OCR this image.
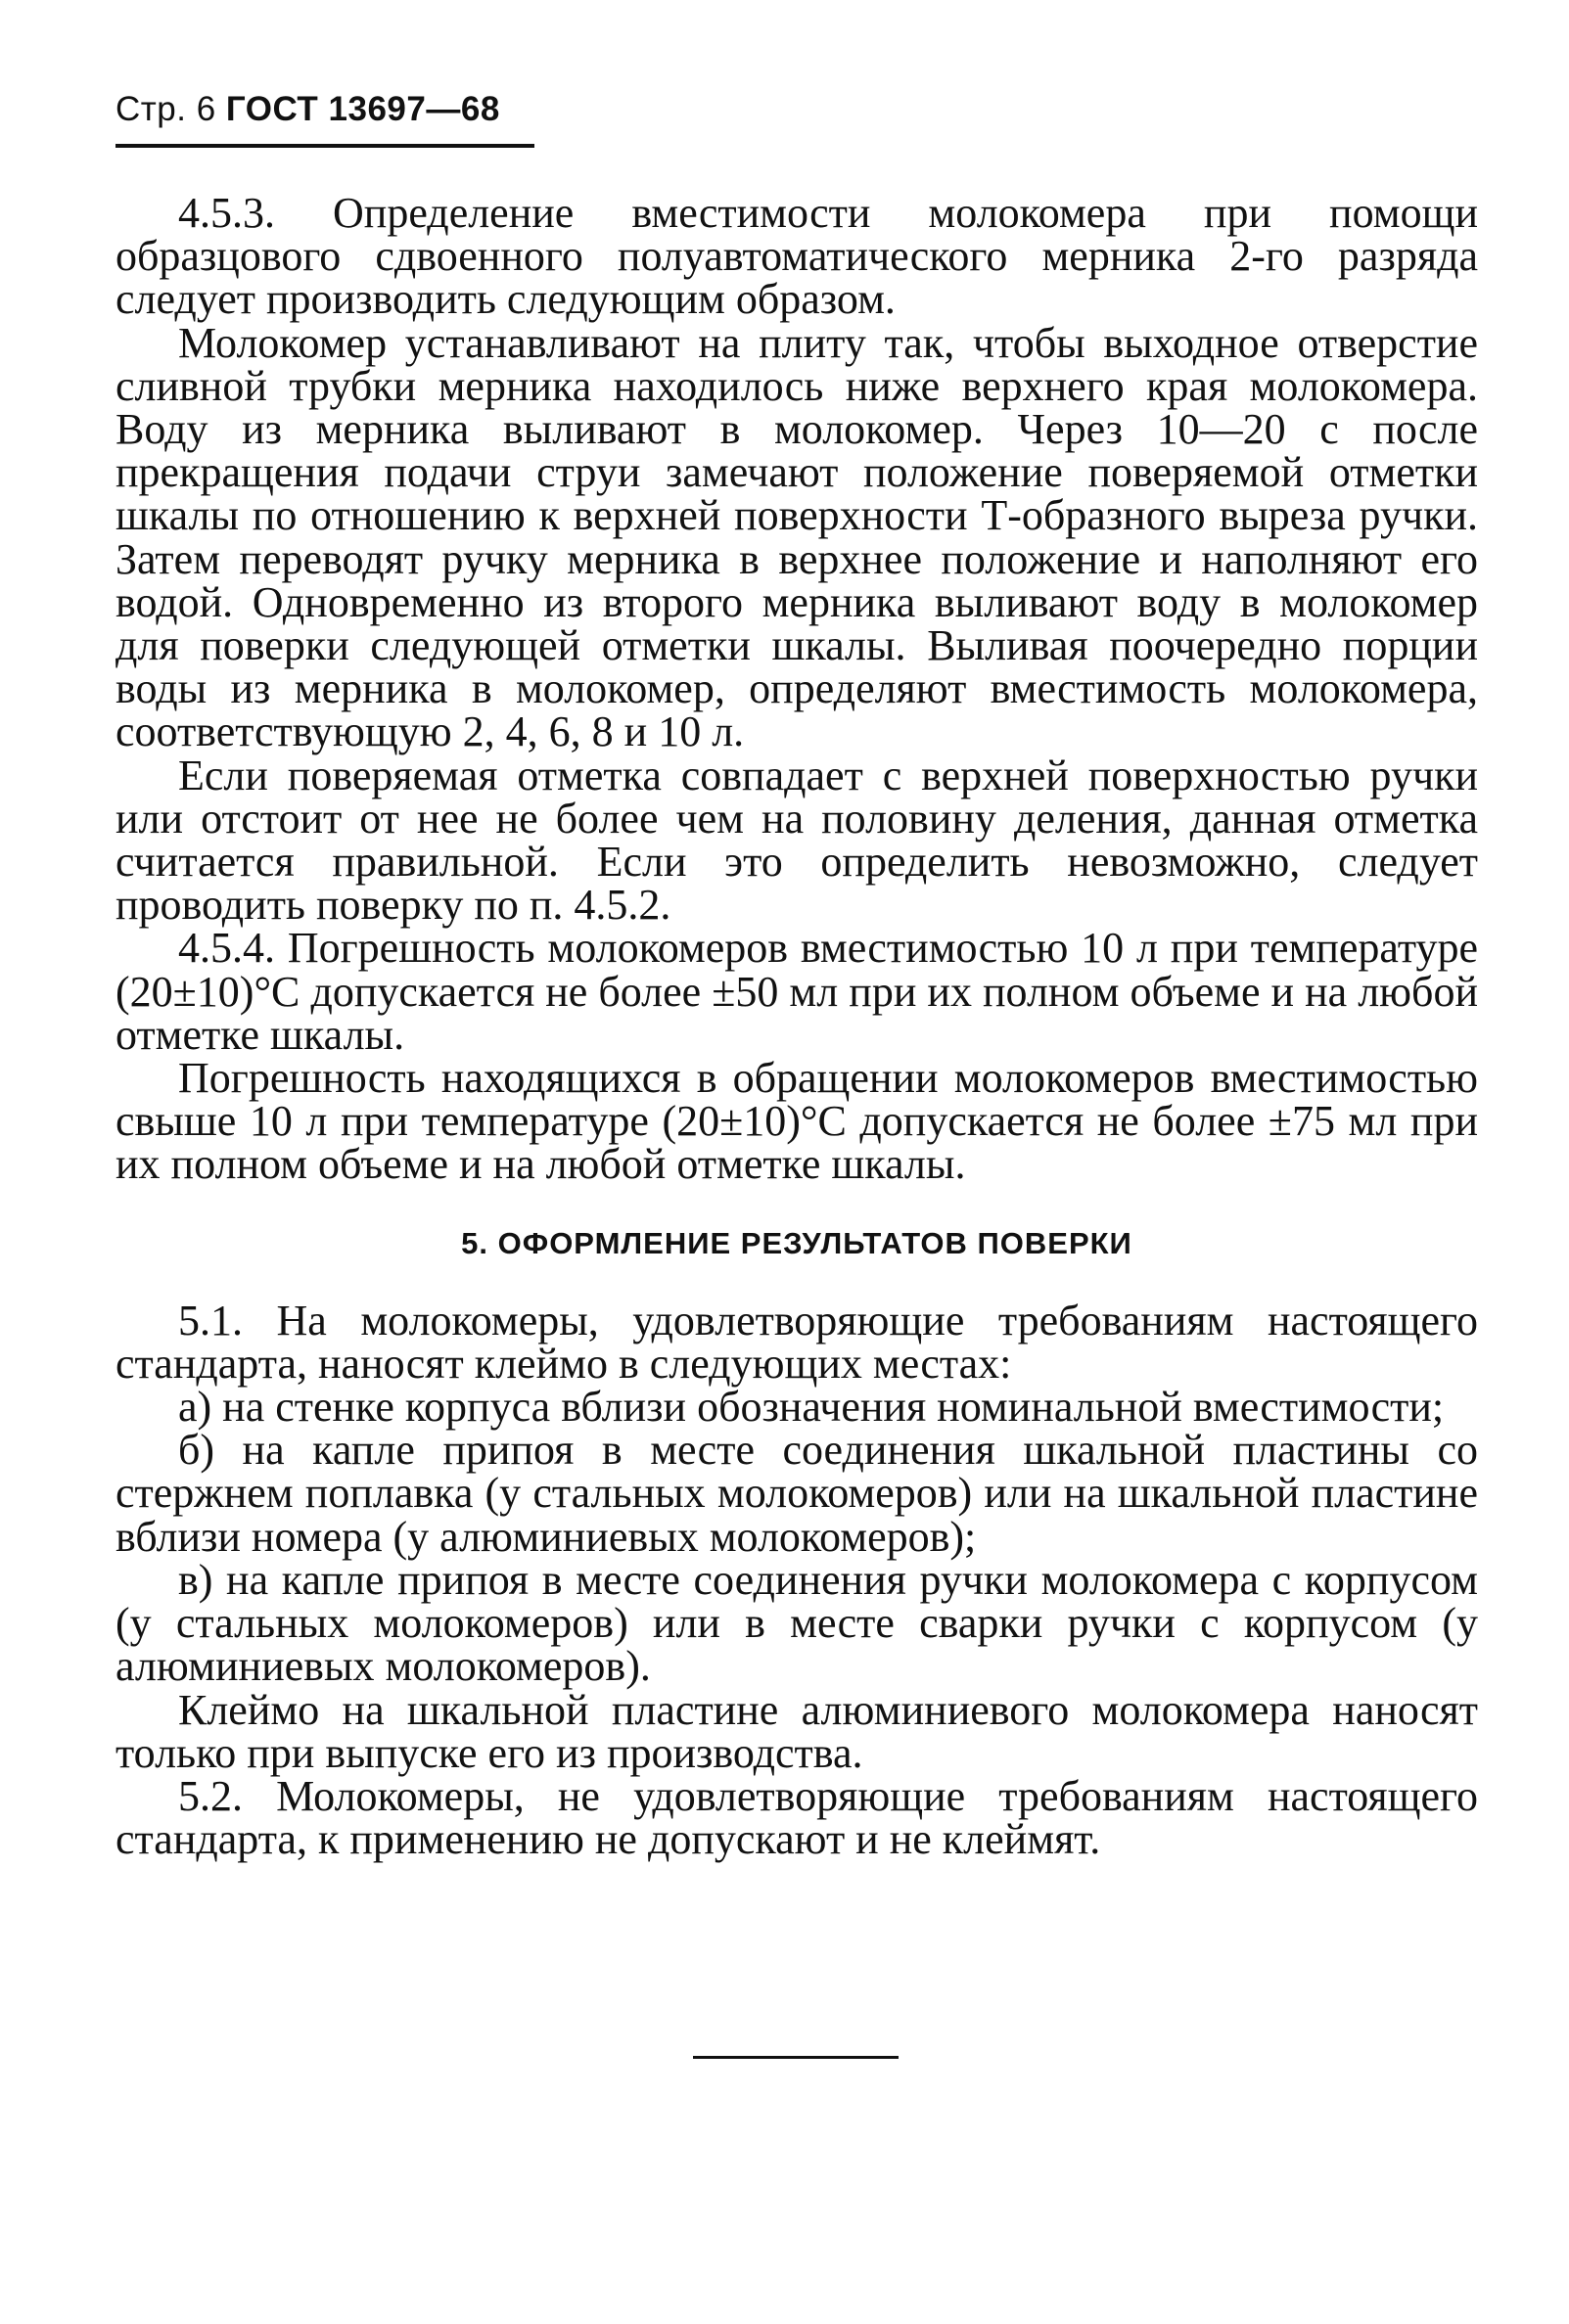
Стр. 6 ГОСТ 13697—68

4.5.3. Определение вместимости молокомера при помощи образцового сдвоенного полуавтоматического мерника 2-го разряда следует производить следующим образом.

Молокомер устанавливают на плиту так, чтобы выходное отверстие сливной трубки мерника находилось ниже верхнего края молокомера. Воду из мерника выливают в молокомер. Через 10—20 с после прекращения подачи струи замечают положение поверяемой отметки шкалы по отношению к верхней поверхности Т-образного выреза ручки. Затем переводят ручку мерника в верхнее положение и наполняют его водой. Одновременно из второго мерника выливают воду в молокомер для поверки следующей отметки шкалы. Выливая поочередно порции воды из мерника в молокомер, определяют вместимость молокомера, соответствующую 2, 4, 6, 8 и 10 л.

Если поверяемая отметка совпадает с верхней поверхностью ручки или отстоит от нее не более чем на половину деления, данная отметка считается правильной. Если это определить невозможно, следует проводить поверку по п. 4.5.2.

4.5.4. Погрешность молокомеров вместимостью 10 л при температуре (20±10)°С допускается не более ±50 мл при их полном объеме и на любой отметке шкалы.

Погрешность находящихся в обращении молокомеров вместимостью свыше 10 л при температуре (20±10)°С допускается не более ±75 мл при их полном объеме и на любой отметке шкалы.

5. ОФОРМЛЕНИЕ РЕЗУЛЬТАТОВ ПОВЕРКИ

5.1. На молокомеры, удовлетворяющие требованиям настоящего стандарта, наносят клеймо в следующих местах:

а) на стенке корпуса вблизи обозначения номинальной вместимости;

б) на капле припоя в месте соединения шкальной пластины со стержнем поплавка (у стальных молокомеров) или на шкальной пластине вблизи номера (у алюминиевых молокомеров);

в) на капле припоя в месте соединения ручки молокомера с корпусом (у стальных молокомеров) или в месте сварки ручки с корпусом (у алюминиевых молокомеров).

Клеймо на шкальной пластине алюминиевого молокомера наносят только при выпуске его из производства.

5.2. Молокомеры, не удовлетворяющие требованиям настоящего стандарта, к применению не допускают и не клеймят.
